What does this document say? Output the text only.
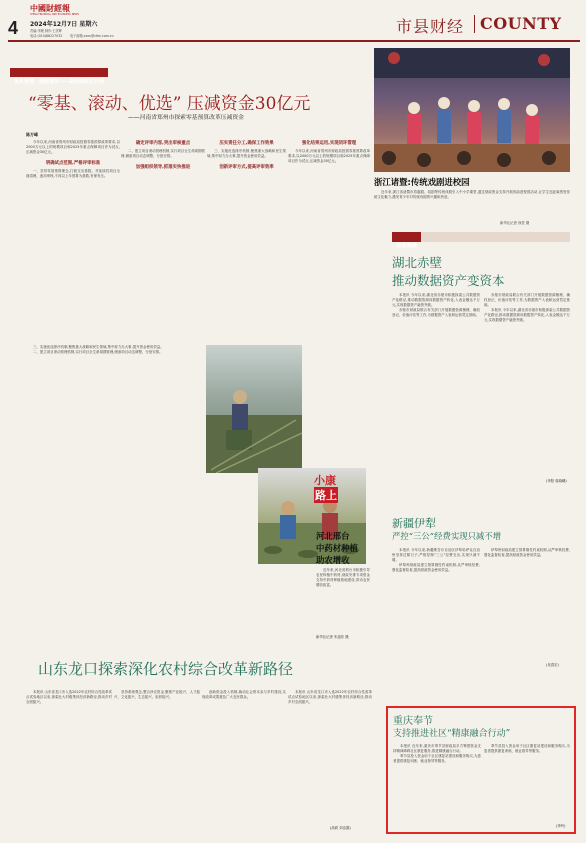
中國財經報
CHINA FINANCIAL AND ECONOMIC NEWS
4 2024年12月7日 星期六
责编:李媛 制作:王洪辉
电话:(010)88227032 电子邮箱:czxx@cfen.com.cn	市县财经 COUNTY
优化管理　提质增效——基层财政在行动
“零基、滚动、优选” 压减资金30亿元
——河南省郑州市探索零基预算改革压减资金
陈万峰

今年以来,河南省郑州市财政局按照零基预算改革要求,以2000万元以上的规模项目和2025年重点保障项目作为试点,压减资金30亿元。

明确试点范围,严格评审标准

一、坚持零基预算理念,打破支出基数。对延续性项目全面清理、逐项审核,不再以上年预算为基数,有保有压。

确定评审内容,突出审核重点

二、建立项目滚动管理机制,实行项目全生命周期管理,储备项目动态调整、分批安排。

加强组织领导,抓落实快推进

压实责任分工,确保工作效果

三、实施优选排序机制,聚焦重大战略和民生领域,集中财力办大事,提升资金使用效益。

创新评审方式,提高评审效率

强化结果运用,实现闭环管理

今年以来,河南省郑州市财政局按照零基预算改革要求,以2000万元以上的规模项目和2025年重点保障项目作为试点,压减资金30亿元。

浙江诸暨:传统戏剧进校园

近年来,浙江省诸暨市将越剧、绍剧等传统戏剧引入中小学课堂,通过财政资金支持开展戏曲进校园活动,让学生近距离感受传统文化魅力,激发青少年对传统戏剧的兴趣和热爱。

新华社记者 徐昱 摄
信息速递
湖北赤壁
推动数据资产变资本

本报讯 今年以来,湖北省赤壁市积极探索公共数据资产化路径,推动数据资源向数据资产转化,入表金额达千万元,实现数据资产融资突破。

赤壁市财政局联合有关部门开展数据资源梳理、确权登记、价值评估等工作,为数据资产入表和运营奠定基础。

赤壁市财政局联合有关部门开展数据资源梳理、确权登记、价值评估等工作,为数据资产入表和运营奠定基础。

本报讯 今年以来,湖北省赤壁市积极探索公共数据资产化路径,推动数据资源向数据资产转化,入表金额达千万元,实现数据资产融资突破。

(李阳 周晓曦)
小康
路上
河北邢台
中药材种植
助农增收

近年来,河北省邢台市积极引导农民种植中药材,财政安排专项资金支持中药材种植基地建设,带动农民增收致富。

新华社记者 朱旭东 摄

三、实施优选排序机制,聚焦重大战略和民生领域,集中财力办大事,提升资金使用效益。

二、建立项目滚动管理机制,实行项目全生命周期管理,储备项目动态调整、分批安排。

新疆伊犁
严控“三公”经费实现只减不增

本报讯 今年以来,新疆维吾尔自治区伊犁哈萨克自治州坚持过紧日子,严格控制“三公”经费支出,实现只减不增。

伊犁州财政局建立预算刚性约束机制,从严审核经费,强化监督检查,提高财政资金使用效益。

伊犁州财政局建立预算刚性约束机制,从严审核经费,强化监督检查,提高财政资金使用效益。

(吴春宏)
山东龙口探索深化农村综合改革新路径

本报讯 山东省龙口市入选2022年农村综合性改革试点试验地区以来,探索壮大村级集体经济新路径,推动乡村全面振兴。

坚持系统观念,整合涉农资金,聚焦产业振兴、人才振兴、文化振兴、生态振兴、组织振兴。

创新资金投入机制,撬动社会资本参与乡村建设,实现改革成果惠及广大农民群众。

本报讯 山东省龙口市入选2022年农村综合性改革试点试验地区以来,探索壮大村级集体经济新路径,推动乡村全面振兴。

(高莉 刘洁娟)
重庆奉节
支持推进社区“精康融合行动”

本报讯 近年来,重庆市奉节县财政局多方筹措资金支持精神障碍社区康复服务,推进精康融合行动。

奉节县投入资金用于社区康复站建设和服务购买,为患者提供康复训练、就业指导等服务。

奉节县投入资金用于社区康复站建设和服务购买,为患者提供康复训练、就业指导等服务。

(李玲)
